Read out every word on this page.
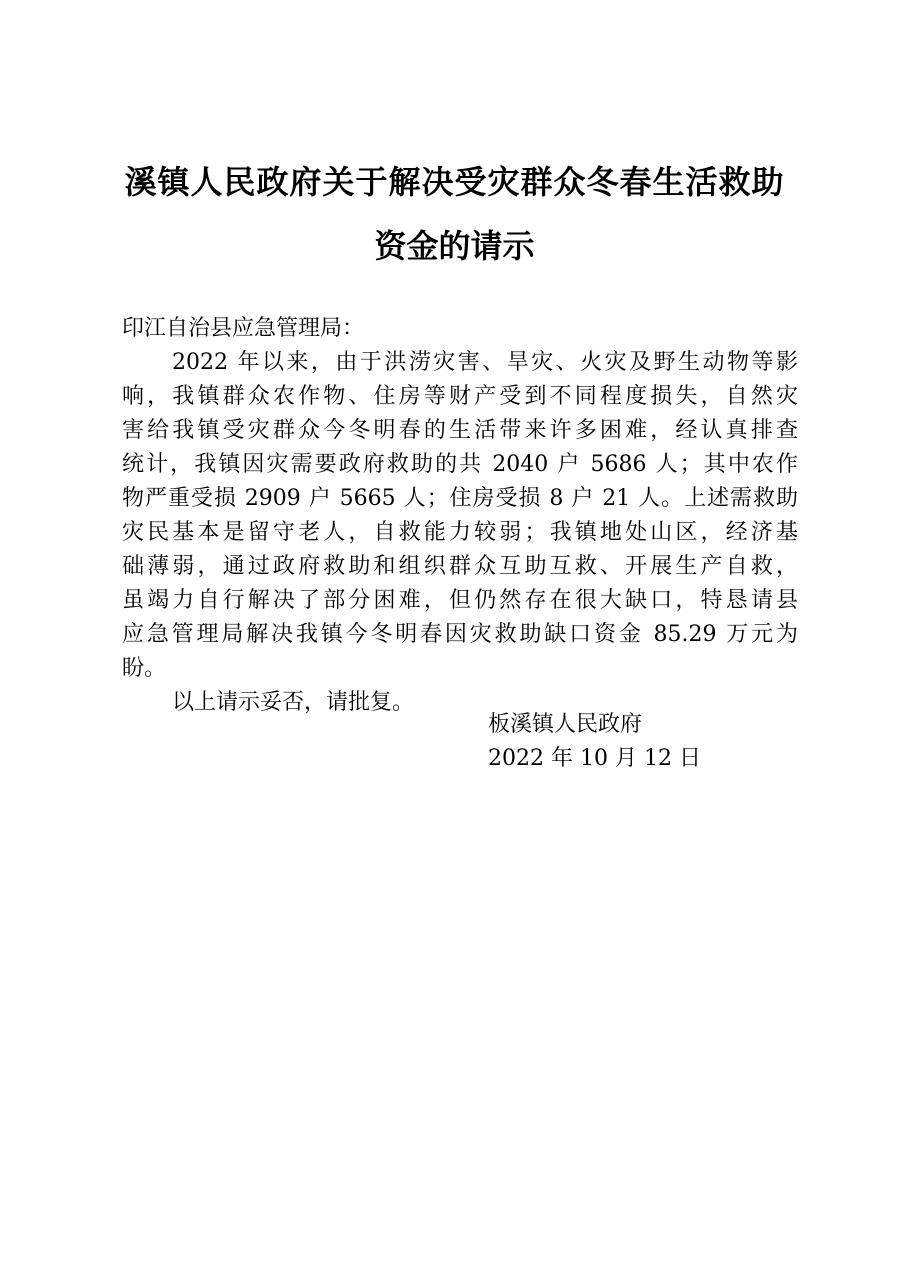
溪镇人民政府关于解决受灾群众冬春生活救助
资金的请示
印江自治县应急管理局：
2022 年以来，由于洪涝灾害、旱灾、火灾及野生动物等影
响，我镇群众农作物、住房等财产受到不同程度损失，自然灾
害给我镇受灾群众今冬明春的生活带来许多困难，经认真排查
统计，我镇因灾需要政府救助的共 2040 户 5686 人；其中农作
物严重受损 2909 户 5665 人；住房受损 8 户 21 人。上述需救助
灾民基本是留守老人，自救能力较弱；我镇地处山区，经济基
础薄弱，通过政府救助和组织群众互助互救、开展生产自救，
虽竭力自行解决了部分困难，但仍然存在很大缺口，特恳请县
应急管理局解决我镇今冬明春因灾救助缺口资金 85.29 万元为
盼。
以上请示妥否，请批复。
板溪镇人民政府
2022 年 10 月 12 日
